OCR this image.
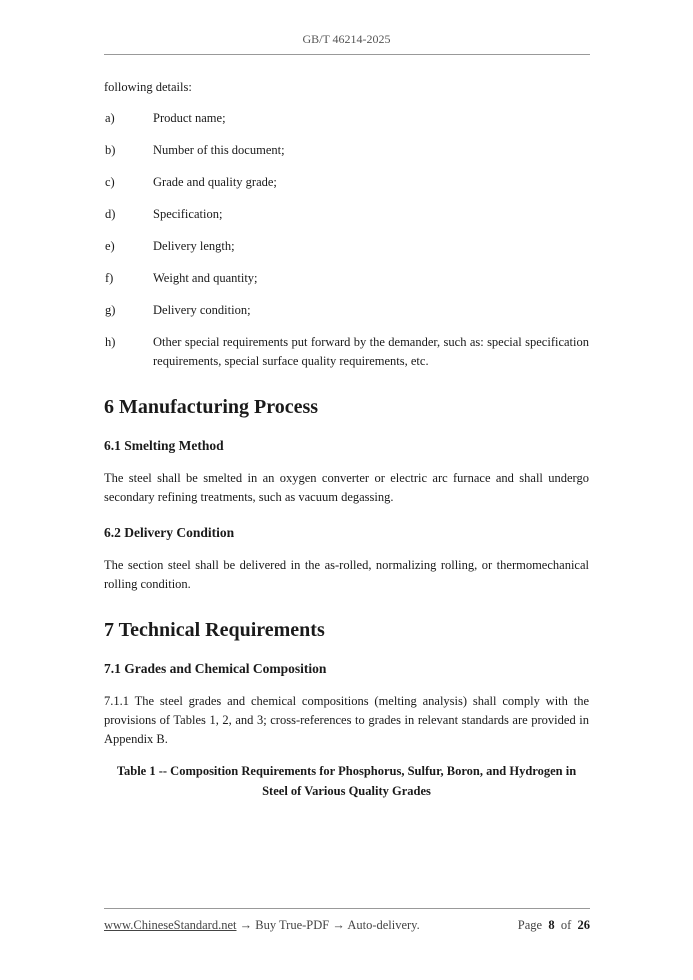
GB/T 46214-2025

following details:

a)	Product name;
b)	Number of this document;
c)	Grade and quality grade;
d)	Specification;
e)	Delivery length;
f)	Weight and quantity;
g)	Delivery condition;
h)	Other special requirements put forward by the demander, such as: special specification requirements, special surface quality requirements, etc.
6 Manufacturing Process
6.1 Smelting Method

The steel shall be smelted in an oxygen converter or electric arc furnace and shall undergo secondary refining treatments, such as vacuum degassing.

6.2 Delivery Condition

The section steel shall be delivered in the as-rolled, normalizing rolling, or thermomechanical rolling condition.

7 Technical Requirements
7.1 Grades and Chemical Composition

7.1.1 The steel grades and chemical compositions (melting analysis) shall comply with the provisions of Tables 1, 2, and 3; cross-references to grades in relevant standards are provided in Appendix B.

Table 1 -- Composition Requirements for Phosphorus, Sulfur, Boron, and Hydrogen in
Steel of Various Quality Grades
www.ChineseStandard.net → Buy True-PDF → Auto-delivery.	Page 8 of 26
